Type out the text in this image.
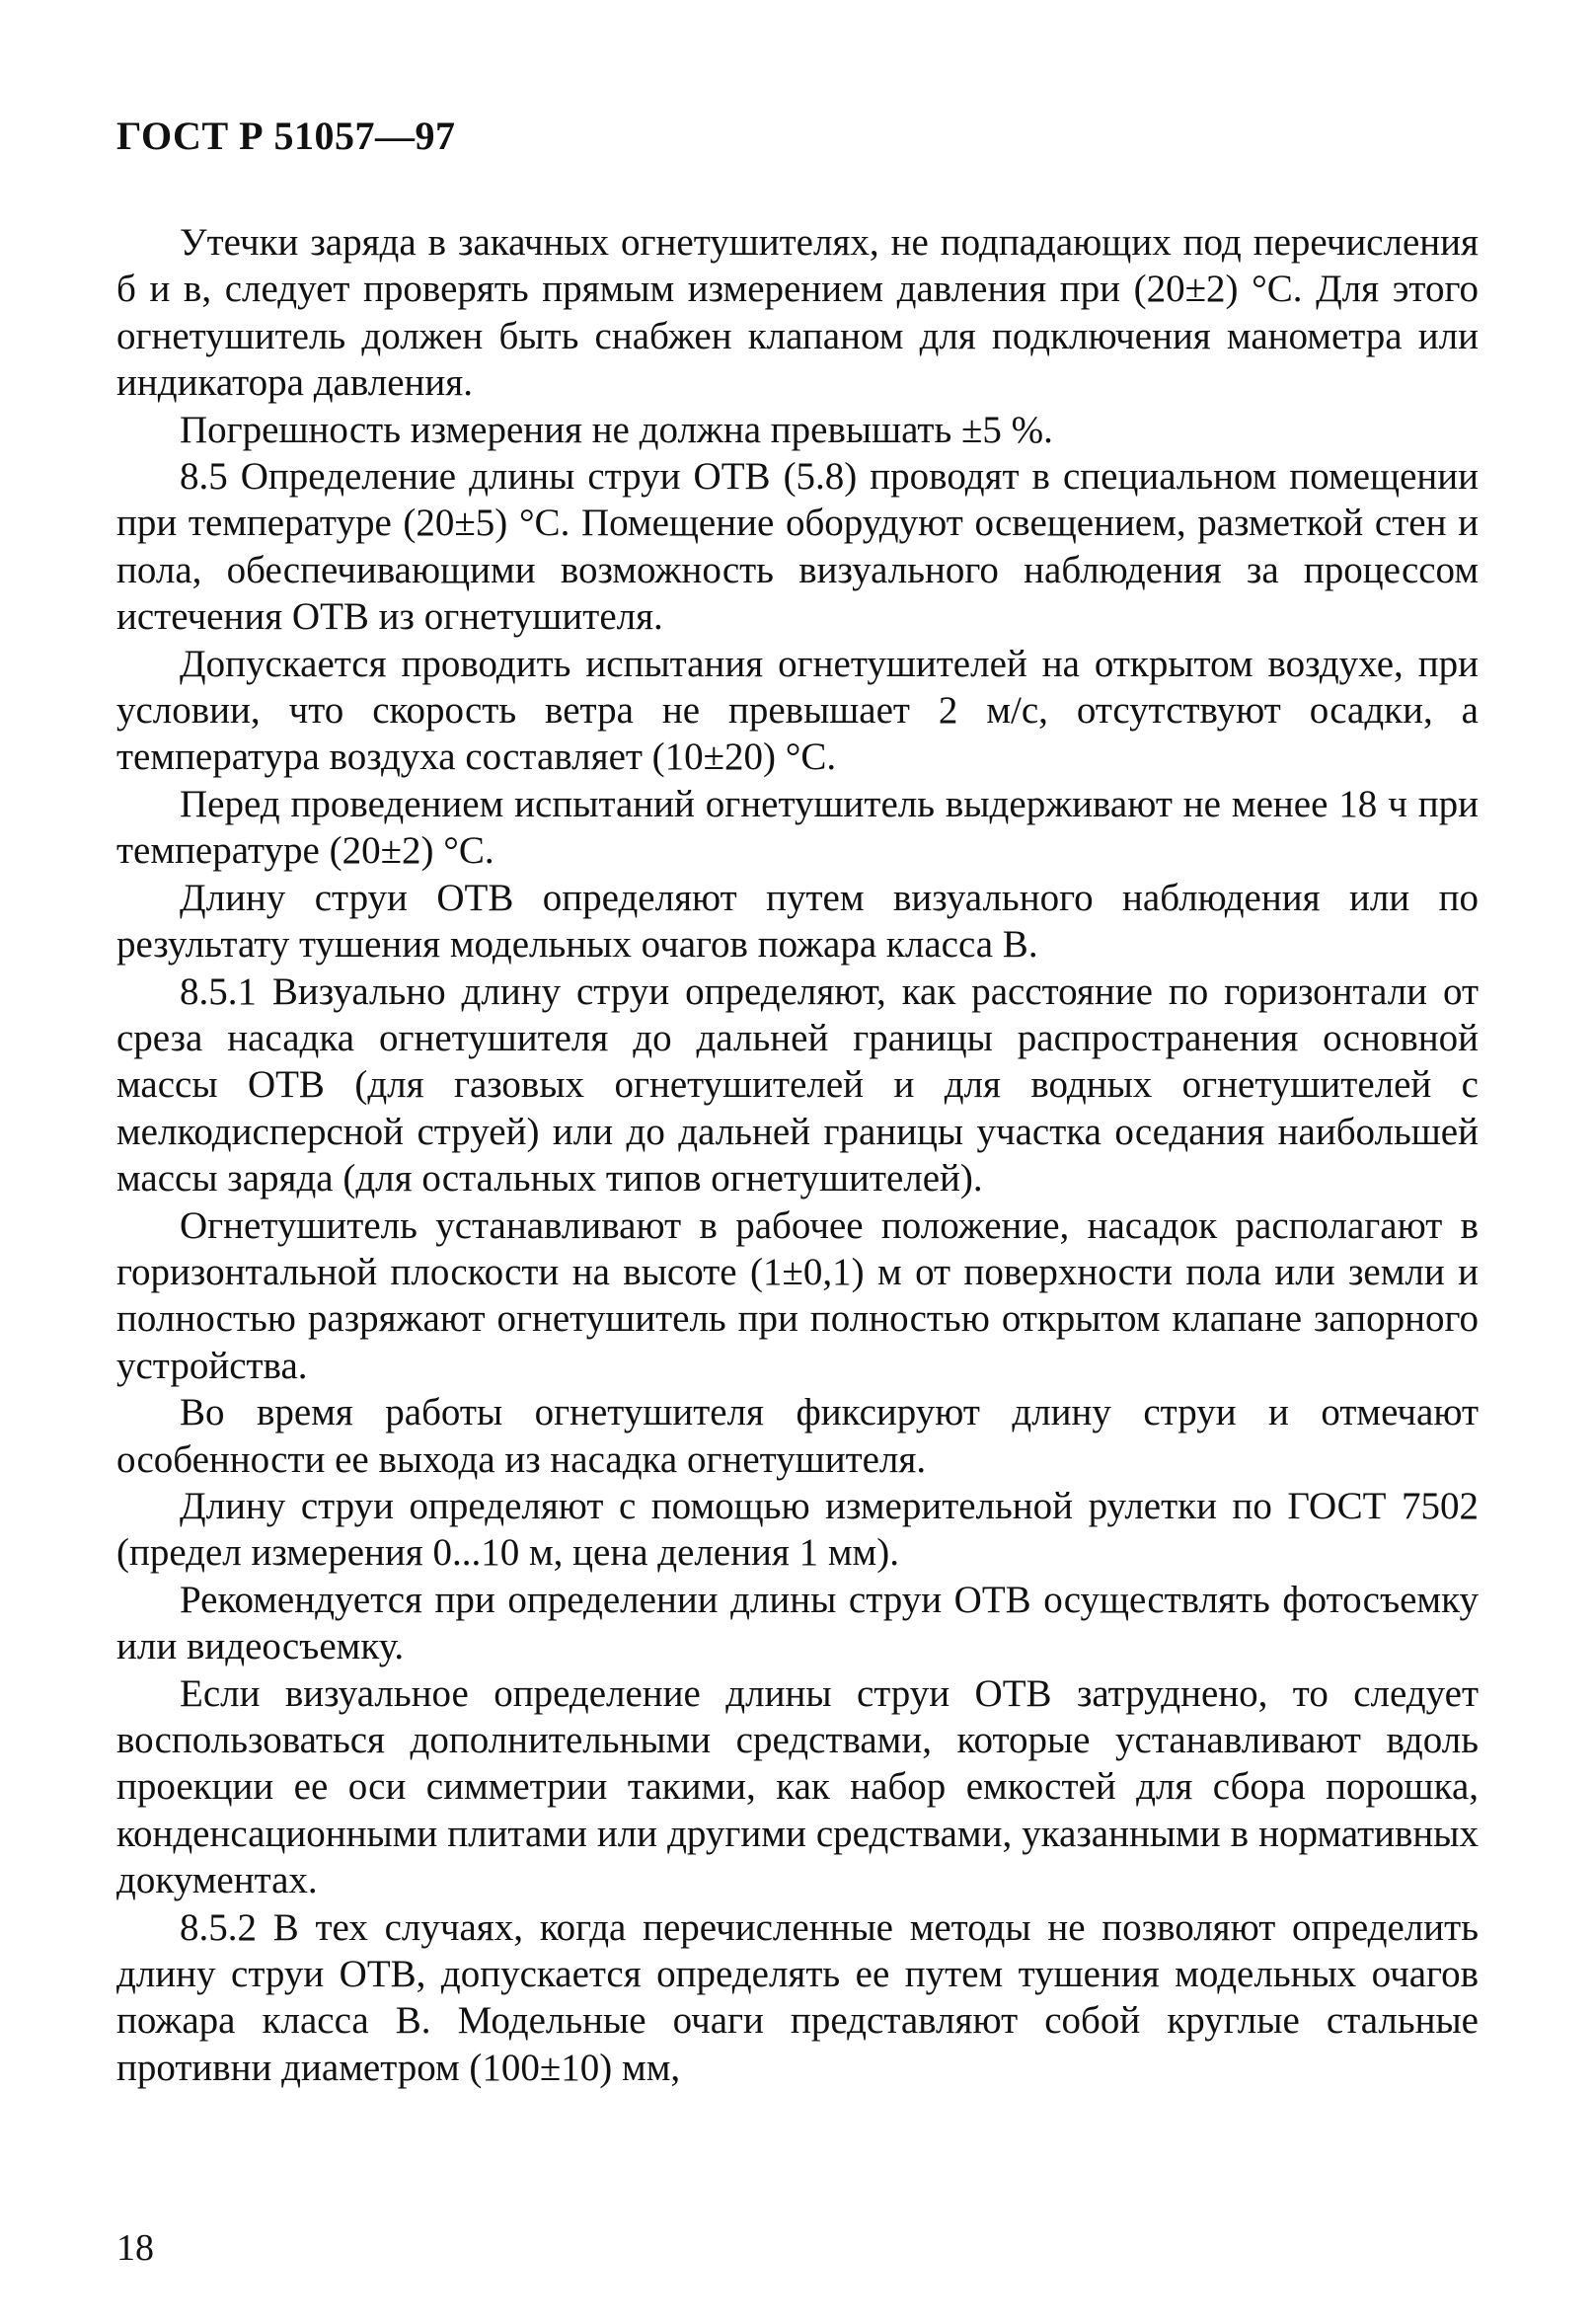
ГОСТ Р 51057—97

Утечки заряда в закачных огнетушителях, не подпадающих под перечисления б и в, следует проверять прямым измерением давления при (20±2) °С. Для этого огнетушитель должен быть снабжен клапаном для подключения манометра или индикатора давления.

Погрешность измерения не должна превышать ±5 %.

8.5 Определение длины струи ОТВ (5.8) проводят в специальном помещении при температуре (20±5) °С. Помещение оборудуют освещением, разметкой стен и пола, обеспечивающими возможность визуального наблюдения за процессом истечения ОТВ из огнетушителя.

Допускается проводить испытания огнетушителей на открытом воздухе, при условии, что скорость ветра не превышает 2 м/с, отсутствуют осадки, а температура воздуха составляет (10±20) °С.

Перед проведением испытаний огнетушитель выдерживают не менее 18 ч при температуре (20±2) °С.

Длину струи ОТВ определяют путем визуального наблюдения или по результату тушения модельных очагов пожара класса В.

8.5.1 Визуально длину струи определяют, как расстояние по горизонтали от среза насадка огнетушителя до дальней границы распространения основной массы ОТВ (для газовых огнетушителей и для водных огнетушителей с мелкодисперсной струей) или до дальней границы участка оседания наибольшей массы заряда (для остальных типов огнетушителей).

Огнетушитель устанавливают в рабочее положение, насадок располагают в горизонтальной плоскости на высоте (1±0,1) м от поверхности пола или земли и полностью разряжают огнетушитель при полностью открытом клапане запорного устройства.

Во время работы огнетушителя фиксируют длину струи и отмечают особенности ее выхода из насадка огнетушителя.

Длину струи определяют с помощью измерительной рулетки по ГОСТ 7502 (предел измерения 0...10 м, цена деления 1 мм).

Рекомендуется при определении длины струи ОТВ осуществлять фотосъемку или видеосъемку.

Если визуальное определение длины струи ОТВ затруднено, то следует воспользоваться дополнительными средствами, которые устанавливают вдоль проекции ее оси симметрии такими, как набор емкостей для сбора порошка, конденсационными плитами или другими средствами, указанными в нормативных документах.

8.5.2 В тех случаях, когда перечисленные методы не позволяют определить длину струи ОТВ, допускается определять ее путем тушения модельных очагов пожара класса В. Модельные очаги представляют собой круглые стальные противни диаметром (100±10) мм,

18
